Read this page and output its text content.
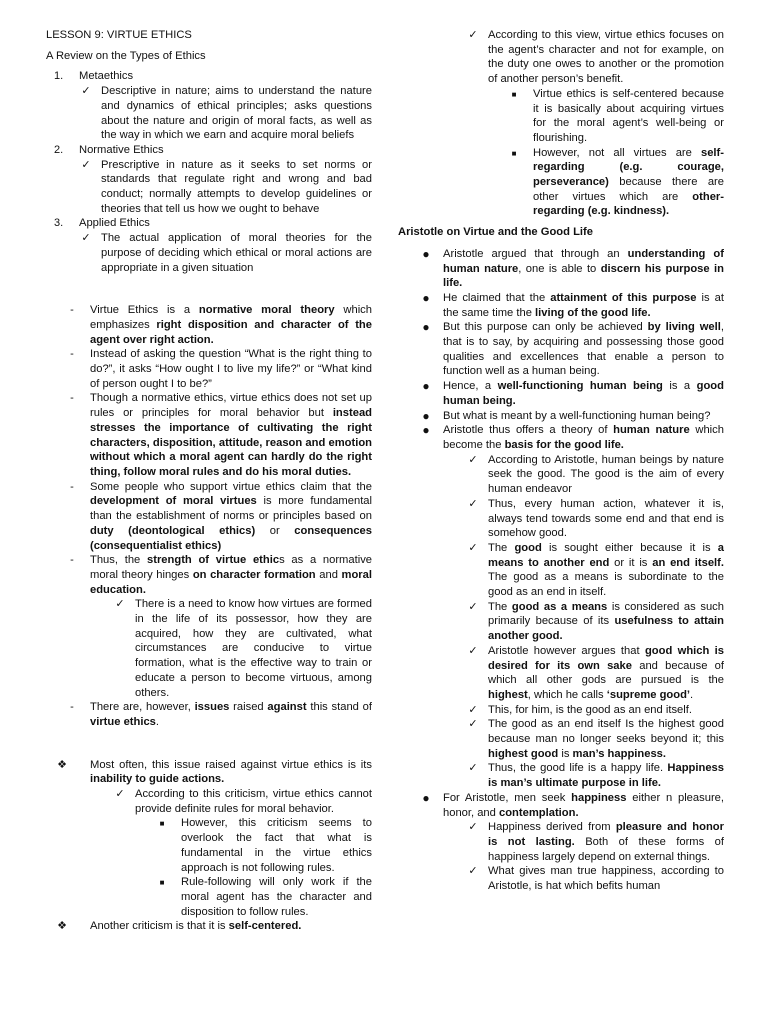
LESSON 9: VIRTUE ETHICS

A Review on the Types of Ethics

1.	Metaethics
✓ Descriptive in nature; aims to understand the nature and dynamics of ethical principles; asks questions about the nature and origin of moral facts, as well as the way in which we earn and acquire moral beliefs
2.	Normative Ethics
✓ Prescriptive in nature as it seeks to set norms or standards that regulate right and wrong and bad conduct; normally attempts to develop guidelines or theories that tell us how we ought to behave
3.	Applied Ethics
✓ The actual application of moral theories for the purpose of deciding which ethical or moral actions are appropriate in a given situation
-	Virtue Ethics is a normative moral theory which emphasizes right disposition and character of the agent over right action.
-	Instead of asking the question “What is the right thing to do?”, it asks “How ought I to live my life?” or “What kind of person ought I to be?”
-	Though a normative ethics, virtue ethics does not set up rules or principles for moral behavior but instead stresses the importance of cultivating the right characters, disposition, attitude, reason and emotion without which a moral agent can hardly do the right thing, follow moral rules and do his moral duties.
-	Some people who support virtue ethics claim that the development of moral virtues is more fundamental than the establishment of norms or principles based on duty (deontological ethics) or consequences (consequentialist ethics)
-	Thus, the strength of virtue ethics as a normative moral theory hinges on character formation and moral education.
✓ There is a need to know how virtues are formed in the life of its possessor, how they are acquired, how they are cultivated, what circumstances are conducive to virtue formation, what is the effective way to train or educate a person to become virtuous, among others.
-	There are, however, issues raised against this stand of virtue ethics.
❖ Most often, this issue raised against virtue ethics is its inability to guide actions.
✓ According to this criticism, virtue ethics cannot provide definite rules for moral behavior.
■	However, this criticism seems to overlook the fact that what is fundamental in the virtue ethics approach is not following rules.
■	Rule-following will only work if the moral agent has the character and disposition to follow rules.
❖ Another criticism is that it is self-centered.
✓ According to this view, virtue ethics focuses on the agent’s character and not for example, on the duty one owes to another or the promotion of another person’s benefit.
■	Virtue ethics is self-centered because it is basically about acquiring virtues for the moral agent’s well-being or flourishing.
■	However, not all virtues are self-regarding (e.g. courage, perseverance) because there are other virtues which are other-regarding (e.g. kindness).

Aristotle on Virtue and the Good Life

●	Aristotle argued that through an understanding of human nature, one is able to discern his purpose in life.
●	He claimed that the attainment of this purpose is at the same time the living of the good life.
●	But this purpose can only be achieved by living well, that is to say, by acquiring and possessing those good qualities and excellences that enable a person to function well as a human being.
●	Hence, a well-functioning human being is a good human being.
●	But what is meant by a well-functioning human being?
●	Aristotle thus offers a theory of human nature which become the basis for the good life.
✓ According to Aristotle, human beings by nature seek the good. The good is the aim of every human endeavor
✓ Thus, every human action, whatever it is, always tend towards some end and that end is somehow good.
✓ The good is sought either because it is a means to another end or it is an end itself. The good as a means is subordinate to the good as an end in itself.
✓ The good as a means is considered as such primarily because of its usefulness to attain another good.
✓ Aristotle however argues that good which is desired for its own sake and because of which all other gods are pursued is the highest, which he calls ‘supreme good’.
✓ This, for him, is the good as an end itself.
✓ The good as an end itself Is the highest good because man no longer seeks beyond it; this highest good is man’s happiness.
✓ Thus, the good life is a happy life. Happiness is man’s ultimate purpose in life.
●	For Aristotle, men seek happiness either n pleasure, honor, and contemplation.
✓ Happiness derived from pleasure and honor is not lasting. Both of these forms of happiness largely depend on external things.
✓ What gives man true happiness, according to Aristotle, is hat which befits human
